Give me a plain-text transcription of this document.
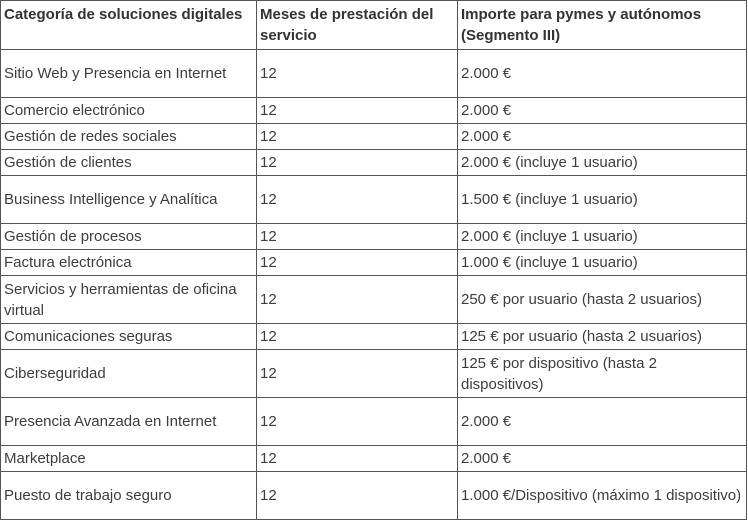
Categoría de soluciones digitales	Meses de prestación del servicio	Importe para pymes y autónomos (Segmento III)
Sitio Web y Presencia en Internet	12	2.000 €
Comercio electrónico	12	2.000 €
Gestión de redes sociales	12	2.000 €
Gestión de clientes	12	2.000 € (incluye 1 usuario)
Business Intelligence y Analítica	12	1.500 € (incluye 1 usuario)
Gestión de procesos	12	2.000 € (incluye 1 usuario)
Factura electrónica	12	1.000 € (incluye 1 usuario)
Servicios y herramientas de oficina virtual	12	250 € por usuario (hasta 2 usuarios)
Comunicaciones seguras	12	125 € por usuario (hasta 2 usuarios)
Ciberseguridad	12	125 € por dispositivo (hasta 2 dispositivos)
Presencia Avanzada en Internet	12	2.000 €
Marketplace	12	2.000 €
Puesto de trabajo seguro	12	1.000 €/Dispositivo (máximo 1 dispositivo)
